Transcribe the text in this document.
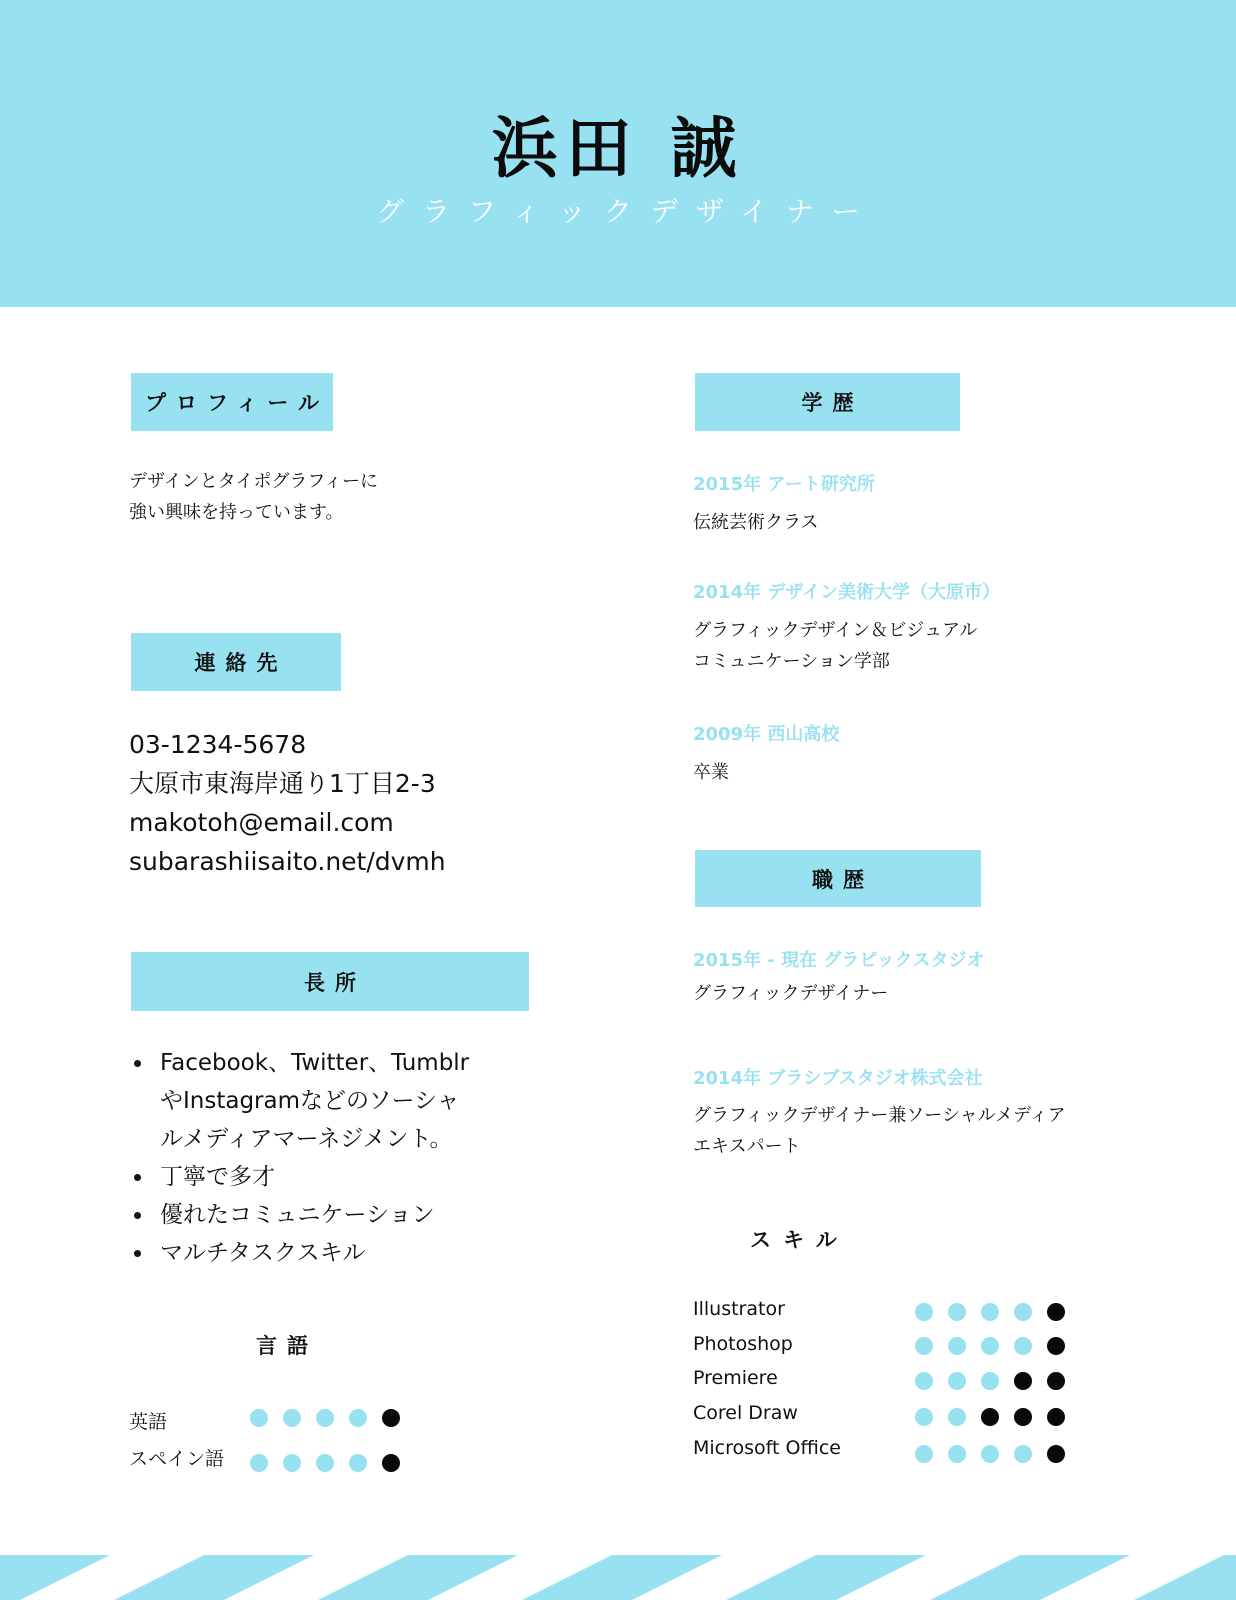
浜田 誠
グラフィックデザイナー
プロフィール
デザインとタイポグラフィーに
強い興味を持っています。
連絡先
03-1234-5678
大原市東海岸通り1丁目2-3
makotoh@email.com
subarashiisaito.net/dvmh
長所
Facebook、Twitter、Tumblr
やInstagramなどのソーシャ
ルメディアマーネジメント。
丁寧で多才
優れたコミュニケーション
マルチタスクスキル
言語
英語
スペイン語
学歴
2015年 アート研究所
伝統芸術クラス
2014年 デザイン美術大学（大原市）
グラフィックデザイン＆ビジュアル
コミュニケーション学部
2009年 西山高校
卒業
職歴
2015年 - 現在 グラピックスタジオ
グラフィックデザイナー
2014年 ブラシブスタジオ株式会社
グラフィックデザイナー兼ソーシャルメディア
エキスパート
スキル
Illustrator
Photoshop
Premiere
Corel Draw
Microsoft Office
